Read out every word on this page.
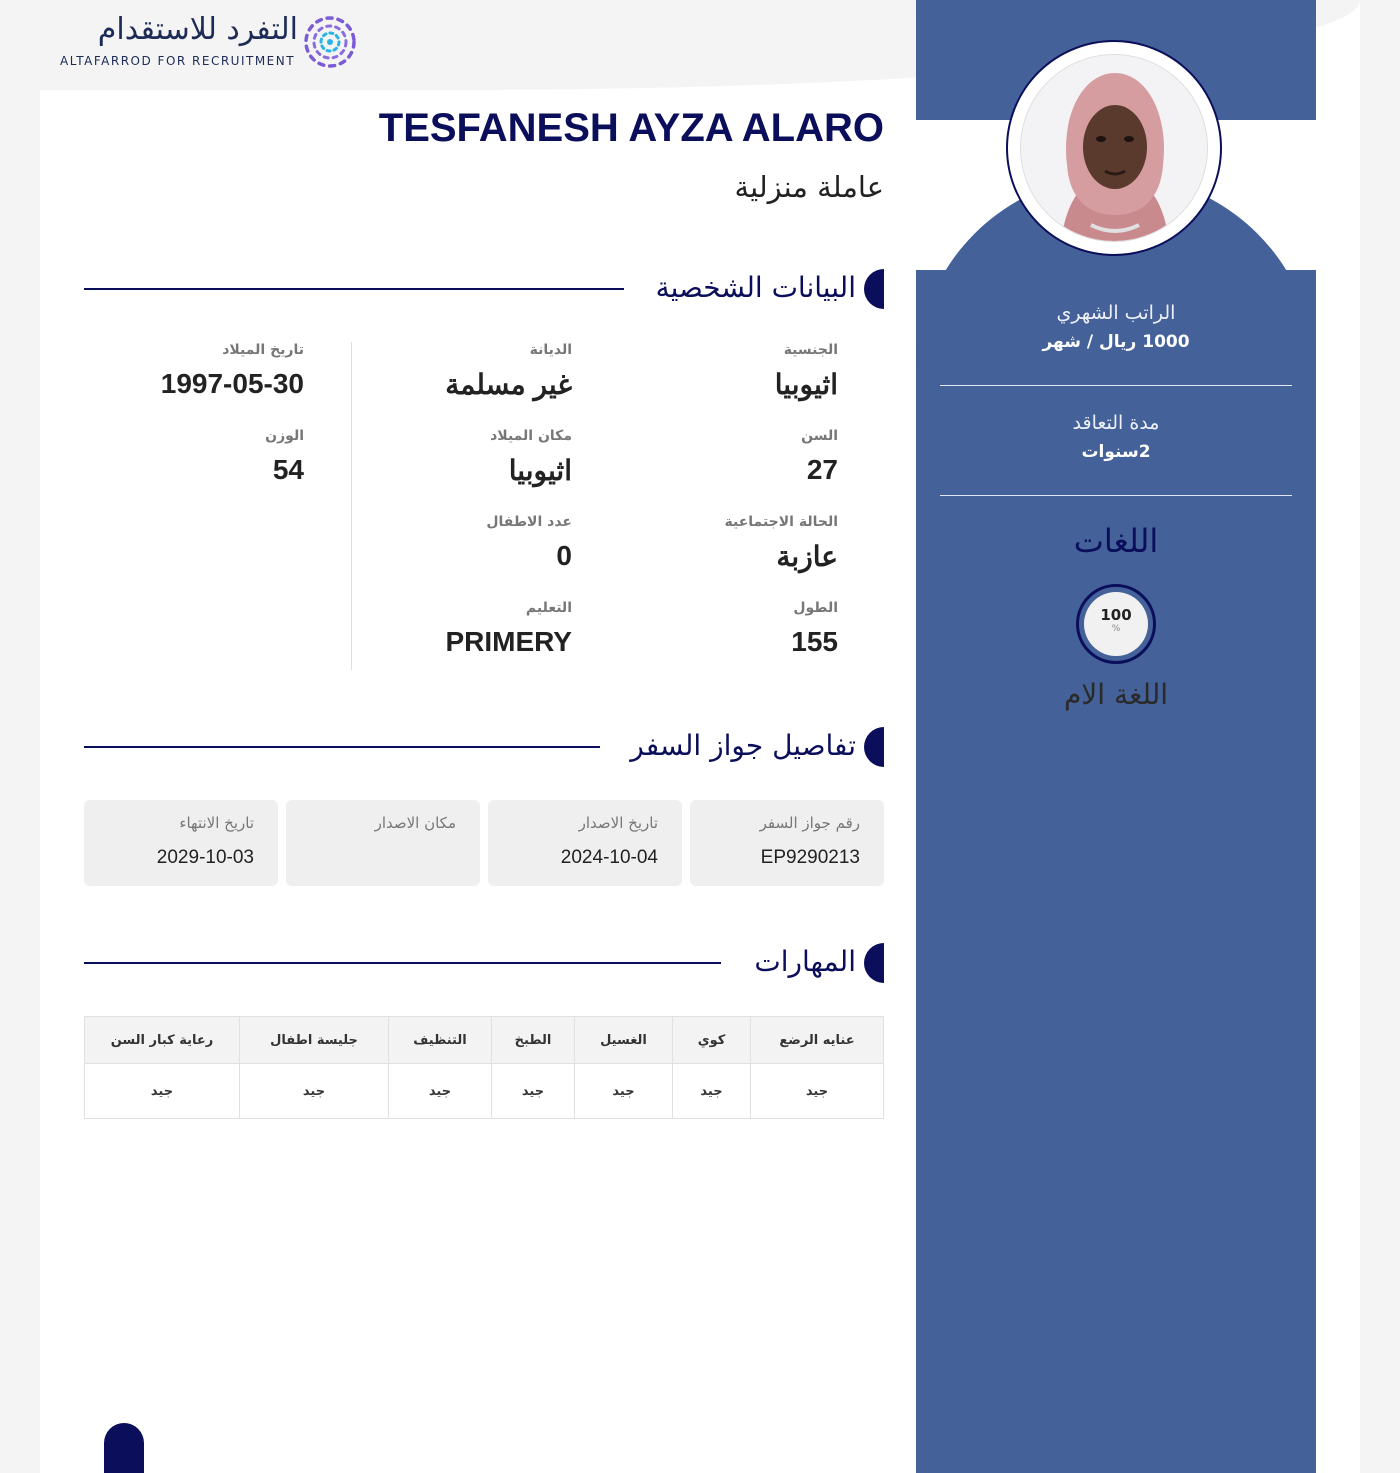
التفرد للاستقدام
ALTAFARROD FOR RECRUITMENT
TESFANESH AYZA ALARO
عاملة منزلية
البيانات الشخصية
الجنسية
اثيوبيا
السن
27
الحالة الاجتماعية
عازبة
الطول
155
الديانة
غير مسلمة
مكان الميلاد
اثيوبيا
عدد الاطفال
0
التعليم
PRIMERY
تاريخ الميلاد
1997-05-30
الوزن
54
تفاصيل جواز السفر
رقم جواز السفر
EP9290213
تاريخ الاصدار
2024-10-04
مكان الاصدار
تاريخ الانتهاء
2029-10-03
المهارات
عنايه الرضع	كوي	الغسيل	الطبخ	التنظيف	جليسة اطفال	رعاية كبار السن
جيد	جيد	جيد	جيد	جيد	جيد	جيد
الراتب الشهري
1000 ريال / شهر
مدة التعاقد
2سنوات
اللغات
100
%
اللغة الام
